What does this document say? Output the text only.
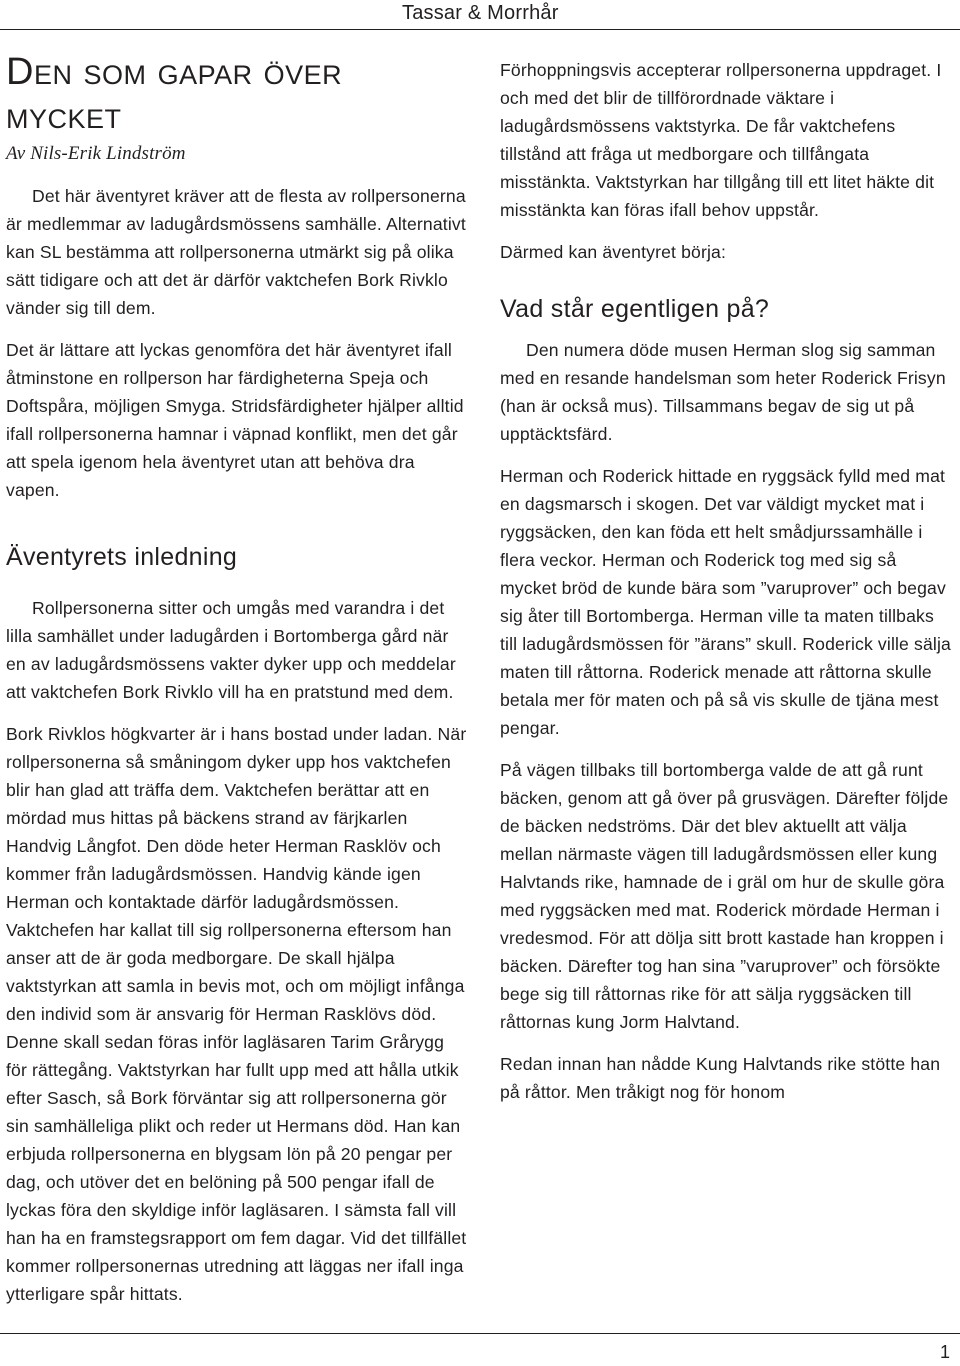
Tassar & Morrhår
Den som gapar över mycket
Av Nils-Erik Lindström

Det här äventyret kräver att de flesta av rollpersonerna är medlemmar av ladugårdsmössens samhälle. Alternativt kan SL bestämma att rollpersonerna utmärkt sig på olika sätt tidigare och att det är därför vaktchefen Bork Rivklo vänder sig till dem.

Det är lättare att lyckas genomföra det här äventyret ifall åtminstone en rollperson har färdigheterna Speja och Doftspåra, möjligen Smyga. Stridsfärdigheter hjälper alltid ifall rollpersonerna hamnar i väpnad konflikt, men det går att spela igenom hela äventyret utan att behöva dra vapen.

Äventyrets inledning

Rollpersonerna sitter och umgås med varandra i det lilla samhället under ladugården i Bortomberga gård när en av ladugårdsmössens vakter dyker upp och meddelar att vaktchefen Bork Rivklo vill ha en pratstund med dem.

Bork Rivklos högkvarter är i hans bostad under ladan. När rollpersonerna så småningom dyker upp hos vaktchefen blir han glad att träffa dem. Vaktchefen berättar att en mördad mus hittas på bäckens strand av färjkarlen Handvig Långfot. Den döde heter Herman Rasklöv och kommer från ladugårdsmössen. Handvig kände igen Herman och kontaktade därför ladugårdsmössen. Vaktchefen har kallat till sig rollpersonerna eftersom han anser att de är goda medborgare. De skall hjälpa vaktstyrkan att samla in bevis mot, och om möjligt infånga den individ som är ansvarig för Herman Rasklövs död. Denne skall sedan föras inför lagläsaren Tarim Grårygg för rättegång. Vaktstyrkan har fullt upp med att hålla utkik efter Sasch, så Bork förväntar sig att rollpersonerna gör sin samhälleliga plikt och reder ut Hermans död. Han kan erbjuda rollpersonerna en blygsam lön på 20 pengar per dag, och utöver det en belöning på 500 pengar ifall de lyckas föra den skyldige inför lagläsaren. I sämsta fall vill han ha en framstegsrapport om fem dagar. Vid det tillfället kommer rollpersonernas utredning att läggas ner ifall inga ytterligare spår hittats.

Förhoppningsvis accepterar rollpersonerna uppdraget. I och med det blir de tillförordnade väktare i ladugårdsmössens vaktstyrka. De får vaktchefens tillstånd att fråga ut medborgare och tillfångata misstänkta. Vaktstyrkan har tillgång till ett litet häkte dit misstänkta kan föras ifall behov uppstår.

Därmed kan äventyret börja:

Vad står egentligen på?

Den numera döde musen Herman slog sig samman med en resande handelsman som heter Roderick Frisyn (han är också mus). Tillsammans begav de sig ut på upptäcktsfärd.

Herman och Roderick hittade en ryggsäck fylld med mat en dagsmarsch i skogen. Det var väldigt mycket mat i ryggsäcken, den kan föda ett helt smådjurssamhälle i flera veckor. Herman och Roderick tog med sig så mycket bröd de kunde bära som ”varuprover” och begav sig åter till Bortomberga. Herman ville ta maten tillbaks till ladugårdsmössen för ”ärans” skull. Roderick ville sälja maten till råttorna. Roderick menade att råttorna skulle betala mer för maten och på så vis skulle de tjäna mest pengar.

På vägen tillbaks till bortomberga valde de att gå runt bäcken, genom att gå över på grusvägen. Därefter följde de bäcken nedströms. Där det blev aktuellt att välja mellan närmaste vägen till ladugårdsmössen eller kung Halvtands rike, hamnade de i gräl om hur de skulle göra med ryggsäcken med mat. Roderick mördade Herman i vredesmod. För att dölja sitt brott kastade han kroppen i bäcken. Därefter tog han sina ”varuprover” och försökte bege sig till råttornas rike för att sälja ryggsäcken till råttornas kung Jorm Halvtand.

Redan innan han nådde Kung Halvtands rike stötte han på råttor. Men tråkigt nog för honom

1
